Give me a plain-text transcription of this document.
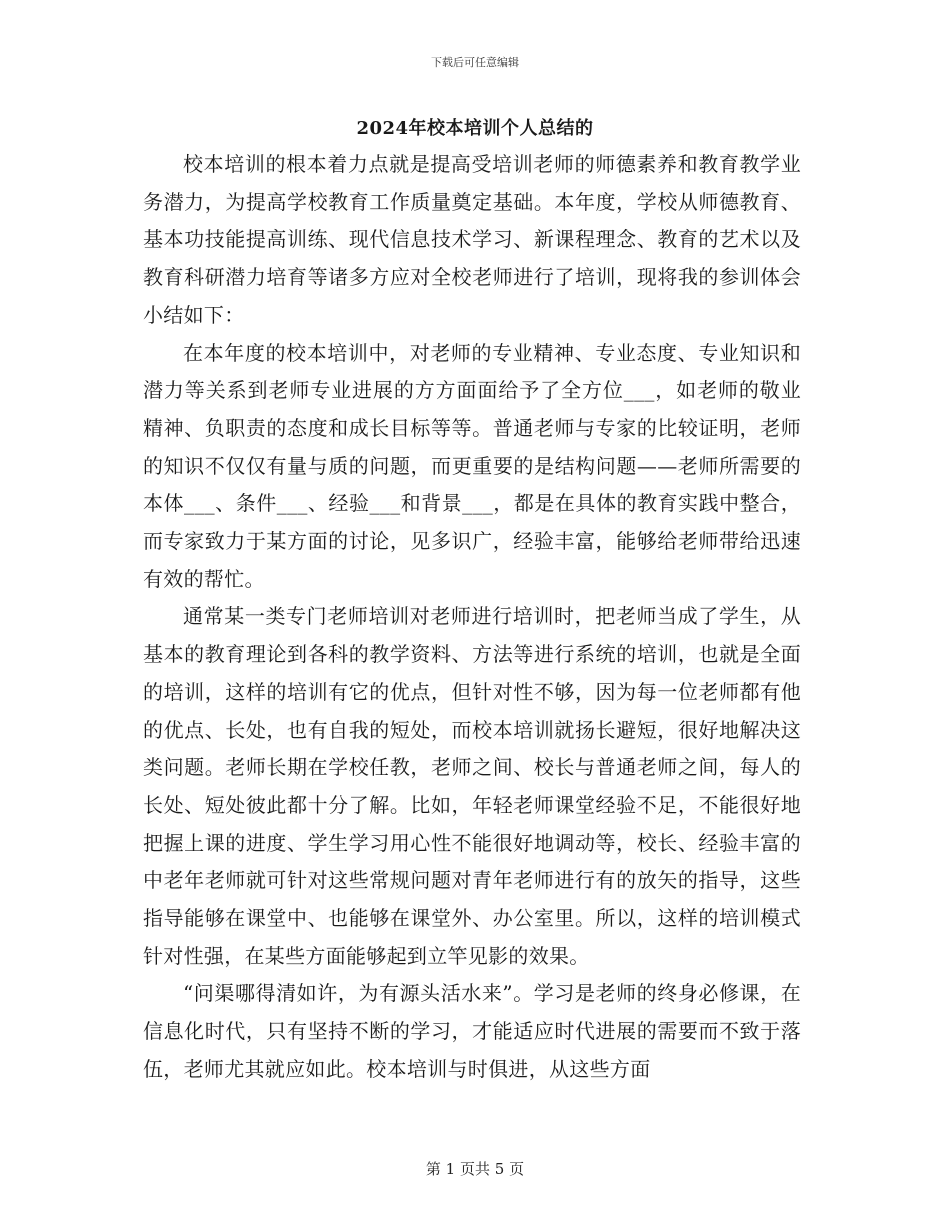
下载后可任意编辑
2024年校本培训个人总结的

校本培训的根本着力点就是提高受培训老师的师德素养和教育教学业务潜力，为提高学校教育工作质量奠定基础。本年度，学校从师德教育、基本功技能提高训练、现代信息技术学习、新课程理念、教育的艺术以及教育科研潜力培育等诸多方应对全校老师进行了培训，现将我的参训体会小结如下：

在本年度的校本培训中，对老师的专业精神、专业态度、专业知识和潜力等关系到老师专业进展的方方面面给予了全方位___，如老师的敬业精神、负职责的态度和成长目标等等。普通老师与专家的比较证明，老师的知识不仅仅有量与质的问题，而更重要的是结构问题——老师所需要的本体___、条件___、经验___和背景___，都是在具体的教育实践中整合，而专家致力于某方面的讨论，见多识广，经验丰富，能够给老师带给迅速有效的帮忙。

通常某一类专门老师培训对老师进行培训时，把老师当成了学生，从基本的教育理论到各科的教学资料、方法等进行系统的培训，也就是全面的培训，这样的培训有它的优点，但针对性不够，因为每一位老师都有他的优点、长处，也有自我的短处，而校本培训就扬长避短，很好地解决这类问题。老师长期在学校任教，老师之间、校长与普通老师之间，每人的长处、短处彼此都十分了解。比如，年轻老师课堂经验不足，不能很好地把握上课的进度、学生学习用心性不能很好地调动等，校长、经验丰富的中老年老师就可针对这些常规问题对青年老师进行有的放矢的指导，这些指导能够在课堂中、也能够在课堂外、办公室里。所以，这样的培训模式针对性强，在某些方面能够起到立竿见影的效果。

“问渠哪得清如许，为有源头活水来”。学习是老师的终身必修课，在信息化时代，只有坚持不断的学习，才能适应时代进展的需要而不致于落伍，老师尤其就应如此。校本培训与时俱进，从这些方面

第 1 页共 5 页
